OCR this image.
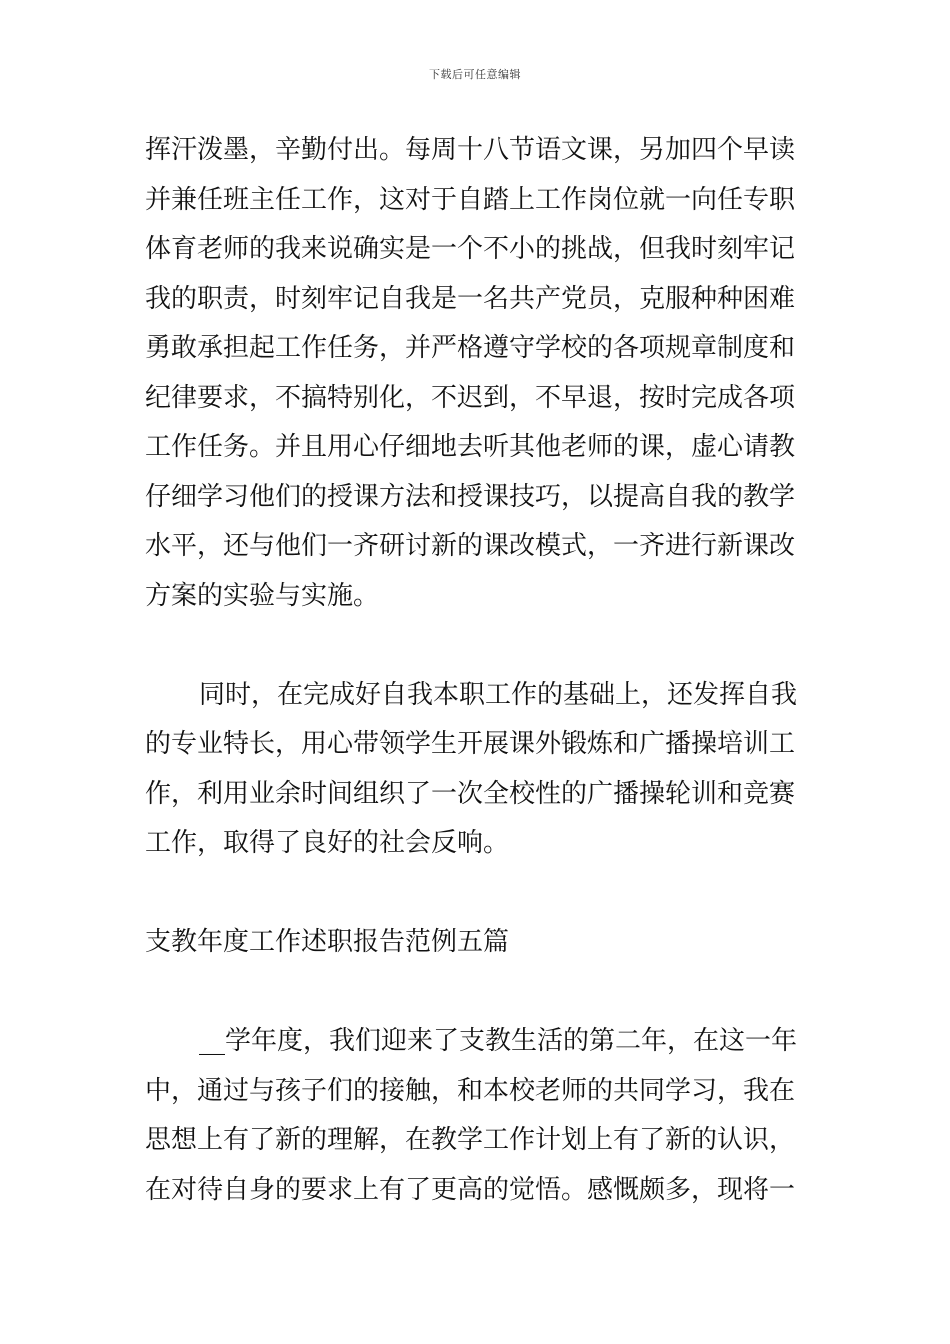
下载后可任意编辑
挥汗泼墨，辛勤付出。每周十八节语文课，另加四个早读
并兼任班主任工作，这对于自踏上工作岗位就一向任专职
体育老师的我来说确实是一个不小的挑战，但我时刻牢记
我的职责，时刻牢记自我是一名共产党员，克服种种困难
勇敢承担起工作任务，并严格遵守学校的各项规章制度和
纪律要求，不搞特别化，不迟到，不早退，按时完成各项
工作任务。并且用心仔细地去听其他老师的课，虚心请教
仔细学习他们的授课方法和授课技巧，以提高自我的教学
水平，还与他们一齐研讨新的课改模式，一齐进行新课改
方案的实验与实施。
同时，在完成好自我本职工作的基础上，还发挥自我
的专业特长，用心带领学生开展课外锻炼和广播操培训工
作，利用业余时间组织了一次全校性的广播操轮训和竞赛
工作，取得了良好的社会反响。
支教年度工作述职报告范例五篇
__学年度，我们迎来了支教生活的第二年，在这一年
中，通过与孩子们的接触，和本校老师的共同学习，我在
思想上有了新的理解，在教学工作计划上有了新的认识，
在对待自身的要求上有了更高的觉悟。感慨颇多，现将一
